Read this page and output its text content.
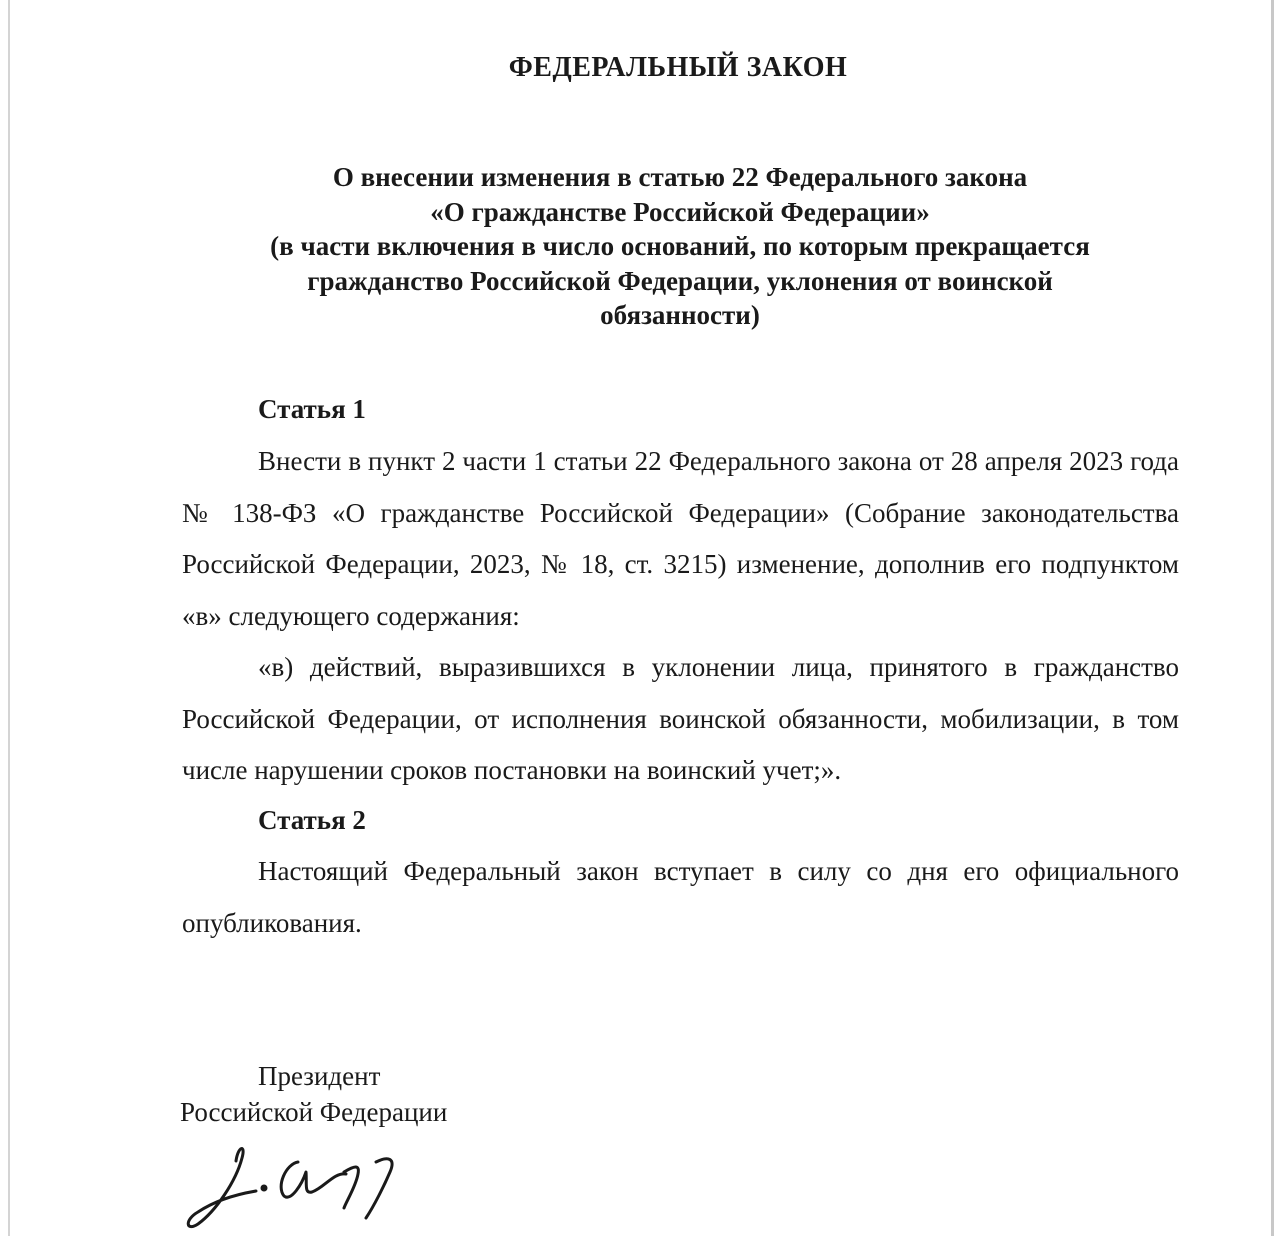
ФЕДЕРАЛЬНЫЙ ЗАКОН
О внесении изменения в статью 22 Федерального закона
«О гражданстве Российской Федерации»
(в части включения в число оснований, по которым прекращается
гражданство Российской Федерации, уклонения от воинской
обязанности)
Статья 1

Внести в пункт 2 части 1 статьи 22 Федерального закона от 28 апреля 2023 года № 138-ФЗ «О гражданстве Российской Федерации» (Собрание законодательства Российской Федерации, 2023, № 18, ст. 3215) изменение, дополнив его подпунктом «в» следующего содержания:

«в) действий, выразившихся в уклонении лица, принятого в гражданство Российской Федерации, от исполнения воинской обязанности, мобилизации, в том числе нарушении сроков постановки на воинский учет;».

Статья 2

Настоящий Федеральный закон вступает в силу со дня его официального опубликования.

Президент

Российской Федерации
